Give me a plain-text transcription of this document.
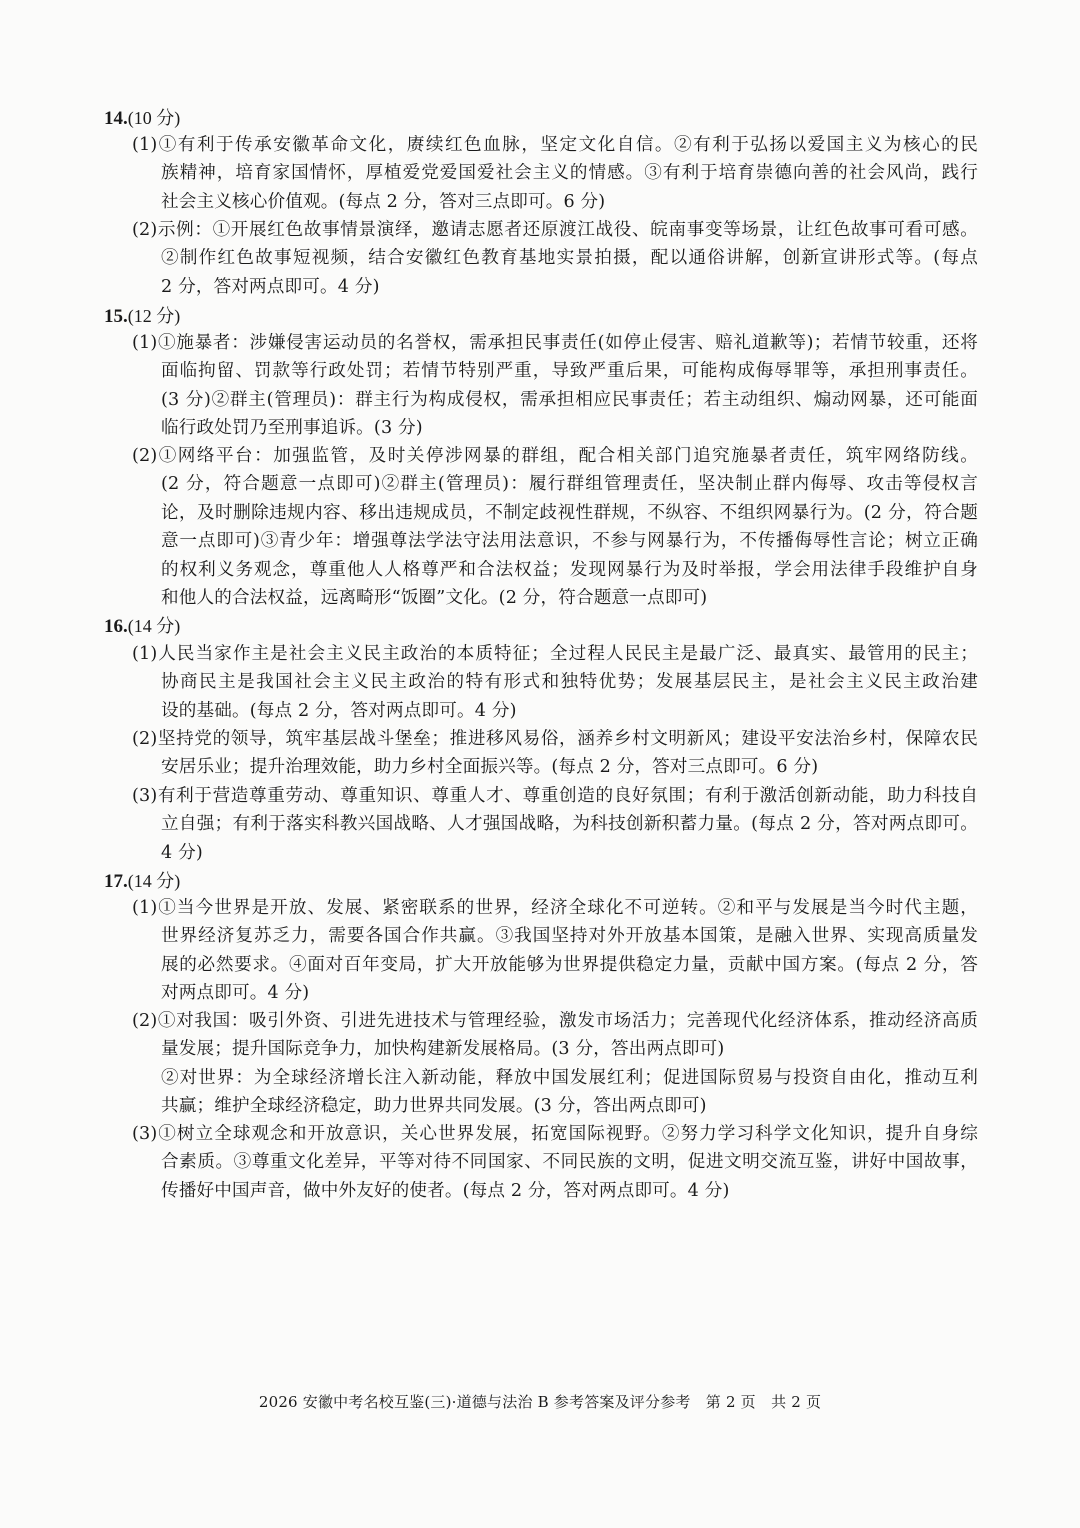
14.(10 分)
(1)①有利于传承安徽革命文化，赓续红色血脉，坚定文化自信。②有利于弘扬以爱国主义为核心的民
族精神，培育家国情怀，厚植爱党爱国爱社会主义的情感。③有利于培育崇德向善的社会风尚，践行
社会主义核心价值观。(每点 2 分，答对三点即可。6 分)
(2)示例：①开展红色故事情景演绎，邀请志愿者还原渡江战役、皖南事变等场景，让红色故事可看可感。
②制作红色故事短视频，结合安徽红色教育基地实景拍摄，配以通俗讲解，创新宣讲形式等。(每点
2 分，答对两点即可。4 分)
15.(12 分)
(1)①施暴者：涉嫌侵害运动员的名誉权，需承担民事责任(如停止侵害、赔礼道歉等)；若情节较重，还将
面临拘留、罚款等行政处罚；若情节特别严重，导致严重后果，可能构成侮辱罪等，承担刑事责任。
(3 分)②群主(管理员)：群主行为构成侵权，需承担相应民事责任；若主动组织、煽动网暴，还可能面
临行政处罚乃至刑事追诉。(3 分)
(2)①网络平台：加强监管，及时关停涉网暴的群组，配合相关部门追究施暴者责任，筑牢网络防线。
(2 分，符合题意一点即可)②群主(管理员)：履行群组管理责任，坚决制止群内侮辱、攻击等侵权言
论，及时删除违规内容、移出违规成员，不制定歧视性群规，不纵容、不组织网暴行为。(2 分，符合题
意一点即可)③青少年：增强尊法学法守法用法意识，不参与网暴行为，不传播侮辱性言论；树立正确
的权利义务观念，尊重他人人格尊严和合法权益；发现网暴行为及时举报，学会用法律手段维护自身
和他人的合法权益，远离畸形“饭圈”文化。(2 分，符合题意一点即可)
16.(14 分)
(1)人民当家作主是社会主义民主政治的本质特征；全过程人民民主是最广泛、最真实、最管用的民主；
协商民主是我国社会主义民主政治的特有形式和独特优势；发展基层民主，是社会主义民主政治建
设的基础。(每点 2 分，答对两点即可。4 分)
(2)坚持党的领导，筑牢基层战斗堡垒；推进移风易俗，涵养乡村文明新风；建设平安法治乡村，保障农民
安居乐业；提升治理效能，助力乡村全面振兴等。(每点 2 分，答对三点即可。6 分)
(3)有利于营造尊重劳动、尊重知识、尊重人才、尊重创造的良好氛围；有利于激活创新动能，助力科技自
立自强；有利于落实科教兴国战略、人才强国战略，为科技创新积蓄力量。(每点 2 分，答对两点即可。
4 分)
17.(14 分)
(1)①当今世界是开放、发展、紧密联系的世界，经济全球化不可逆转。②和平与发展是当今时代主题，
世界经济复苏乏力，需要各国合作共赢。③我国坚持对外开放基本国策，是融入世界、实现高质量发
展的必然要求。④面对百年变局，扩大开放能够为世界提供稳定力量，贡献中国方案。(每点 2 分，答
对两点即可。4 分)
(2)①对我国：吸引外资、引进先进技术与管理经验，激发市场活力；完善现代化经济体系，推动经济高质
量发展；提升国际竞争力，加快构建新发展格局。(3 分，答出两点即可)
②对世界：为全球经济增长注入新动能，释放中国发展红利；促进国际贸易与投资自由化，推动互利
共赢；维护全球经济稳定，助力世界共同发展。(3 分，答出两点即可)
(3)①树立全球观念和开放意识，关心世界发展，拓宽国际视野。②努力学习科学文化知识，提升自身综
合素质。③尊重文化差异，平等对待不同国家、不同民族的文明，促进文明交流互鉴，讲好中国故事，
传播好中国声音，做中外友好的使者。(每点 2 分，答对两点即可。4 分)
2026 安徽中考名校互鉴(三)·道德与法治 B 参考答案及评分参考　第 2 页　共 2 页
